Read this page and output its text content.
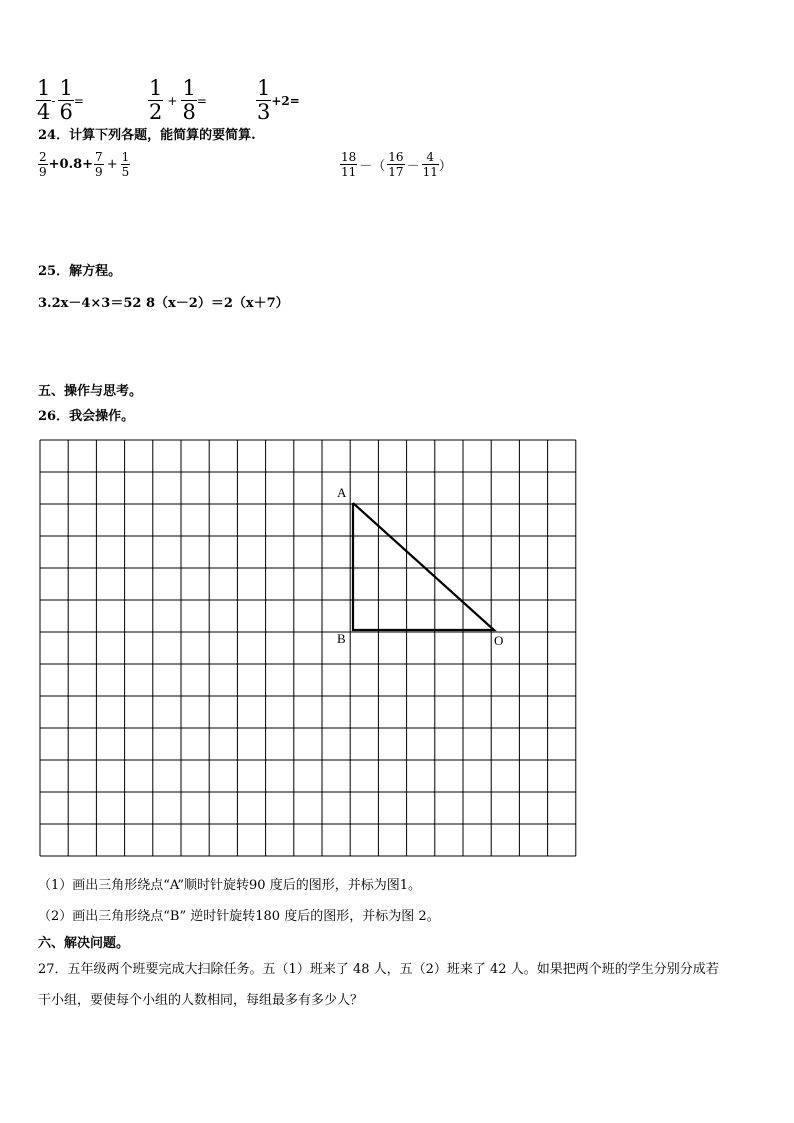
$\frac{1}{4} - \frac{1}{6}$ =	$\frac{1}{2} + \frac{1}{8} = \frac{1}{3} +2=$
24．计算下列各题，能简算的要简算.
$\frac{2}{9} +0.8+ \frac{7}{9} + \frac{1}{5}$	$\frac{18}{11}$ －（ $\frac{16}{17} - \frac{4}{11}$ ）
25．解方程。
3.2x－4×3＝52 8（x－2）＝2（x＋7）
五、操作与思考。
26．我会操作。
A
B	O
（1）画出三角形绕点“A”顺时针旋转90 度后的图形，并标为图1。
（2）画出三角形绕点“B” 逆时针旋转180 度后的图形，并标为图 2。
六、解决问题。
27．五年级两个班要完成大扫除任务。五（1）班来了 48 人，五（2）班来了 42 人。如果把两个班的学生分别分成若
干小组，要使每个小组的人数相同，每组最多有多少人？
